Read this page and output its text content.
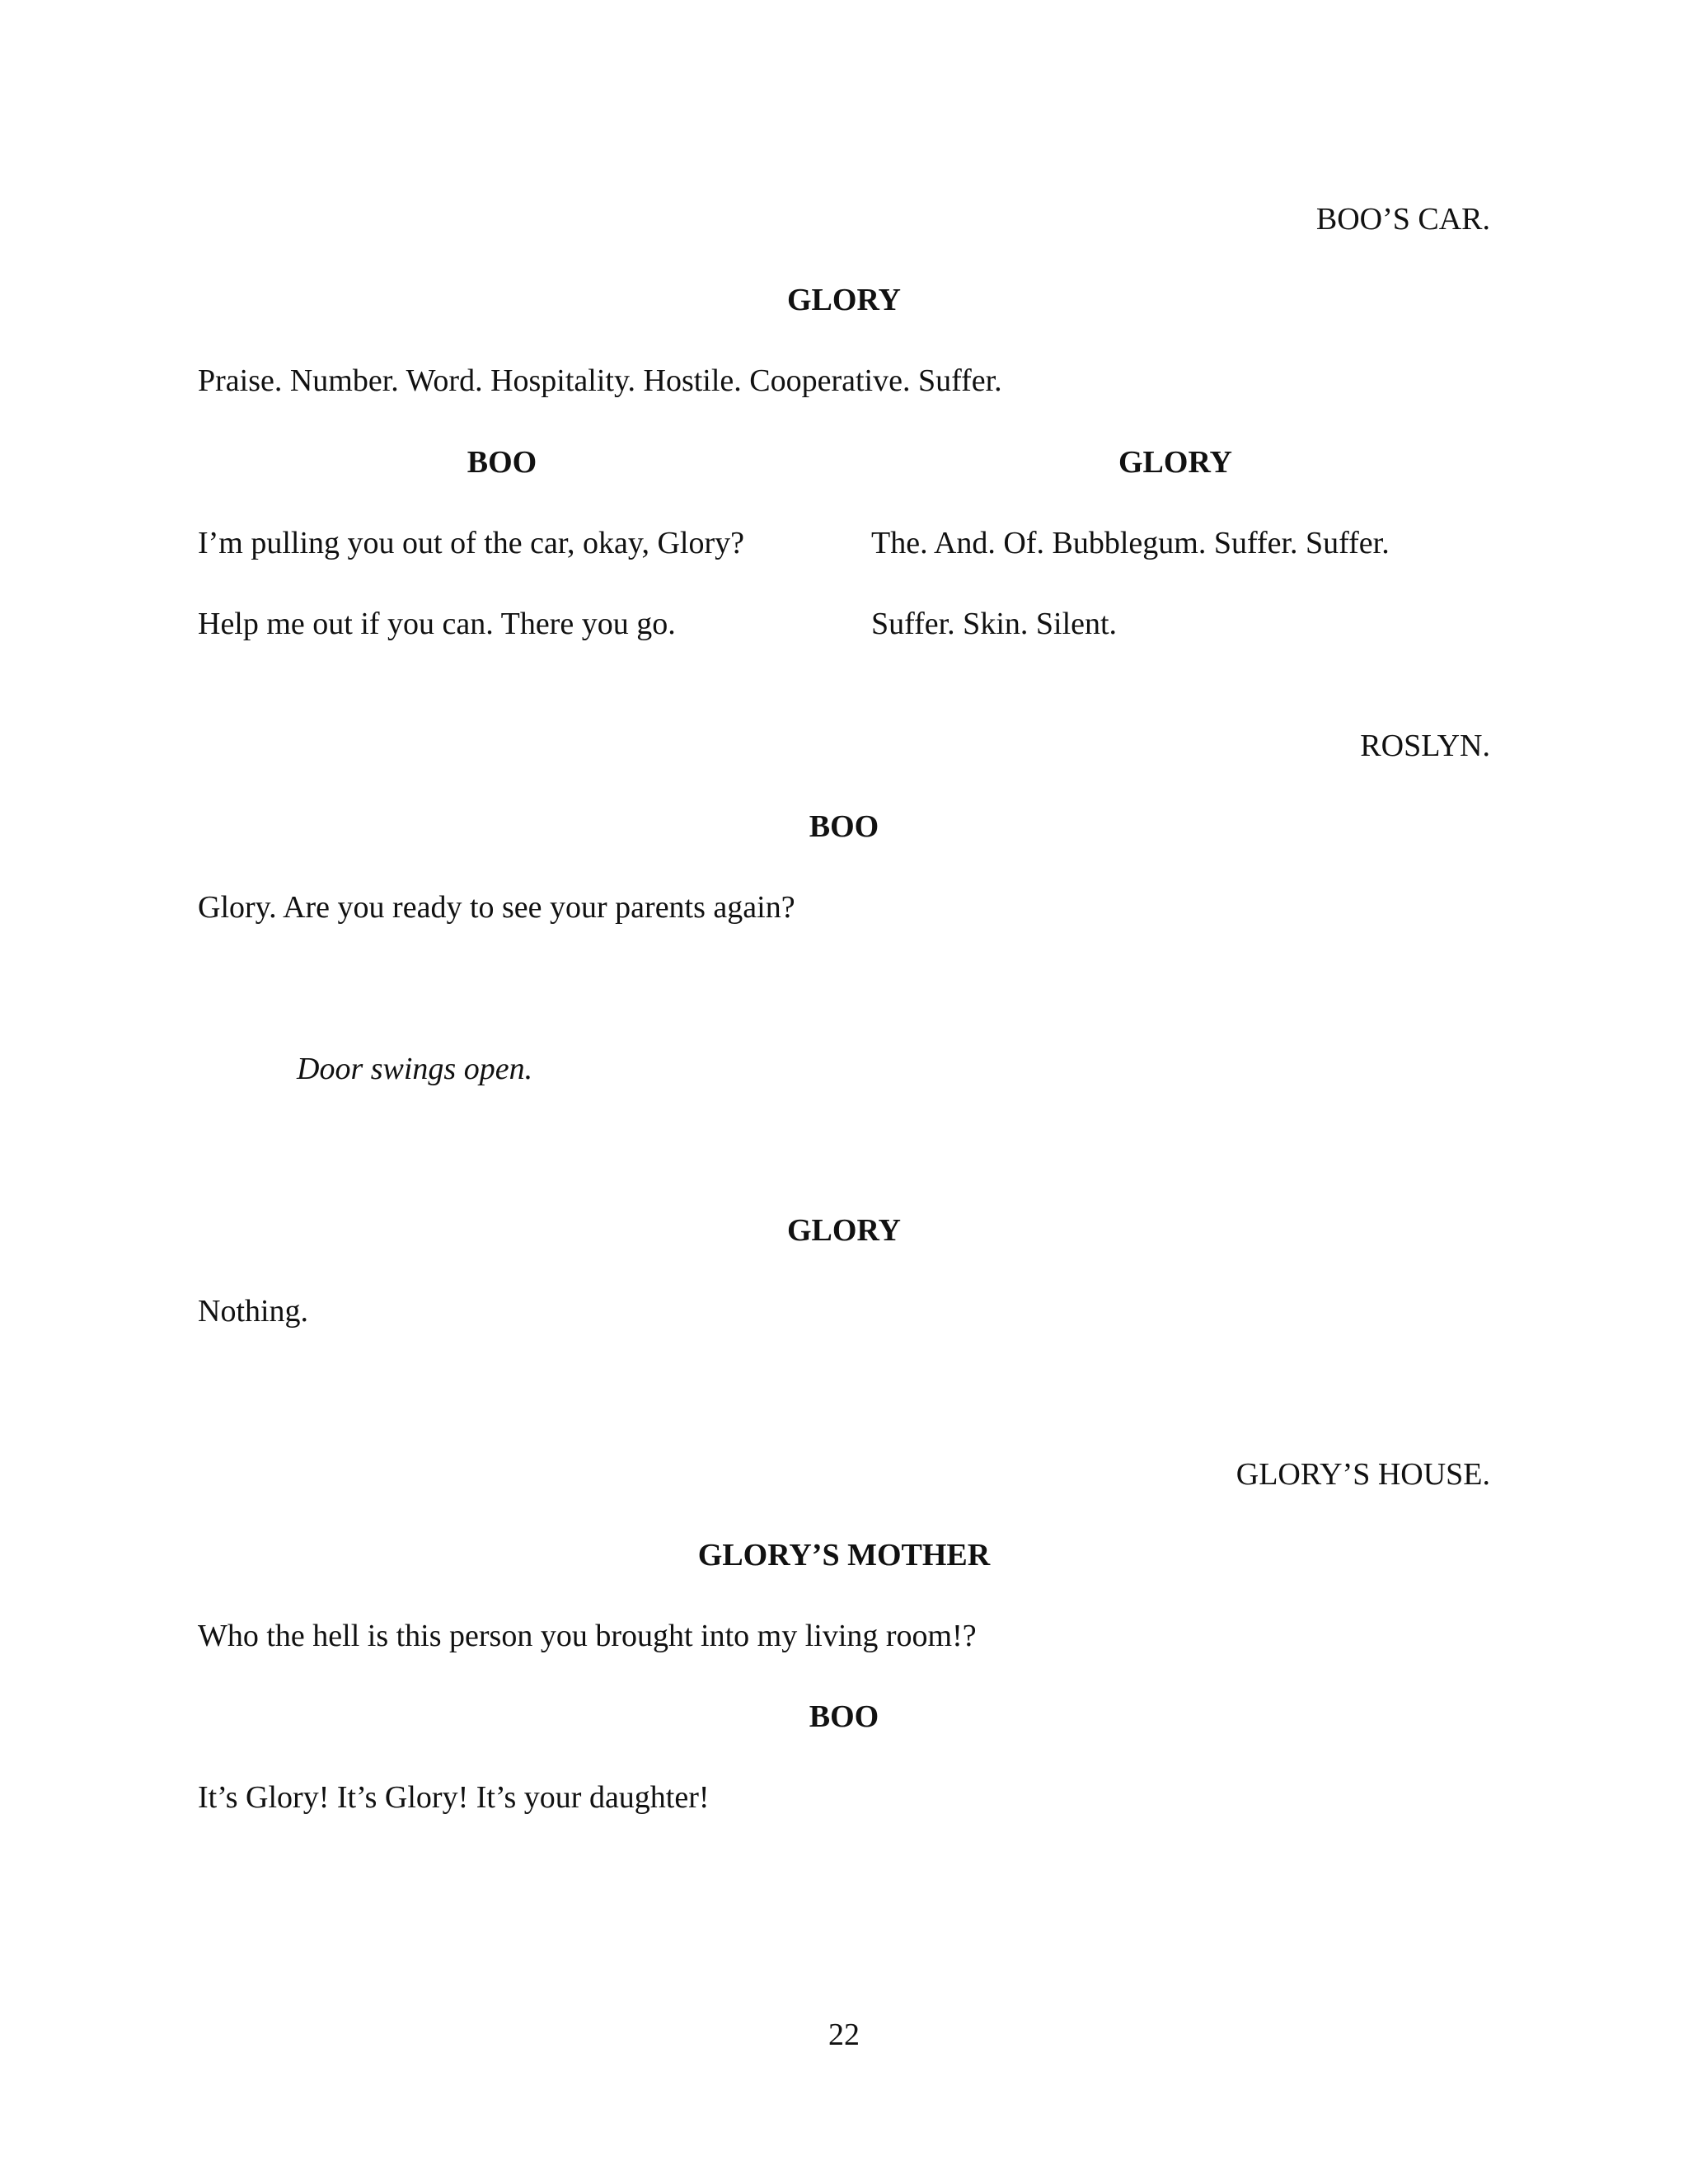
BOO’S CAR.
GLORY
Praise. Number. Word. Hospitality. Hostile. Cooperative. Suffer.
BOO	GLORY
I’m pulling you out of the car, okay, Glory?	The. And. Of. Bubblegum. Suffer. Suffer.
Help me out if you can. There you go.	Suffer. Skin. Silent.
ROSLYN.
BOO
Glory. Are you ready to see your parents again?
Door swings open.
GLORY
Nothing.
GLORY’S HOUSE.
GLORY’S MOTHER
Who the hell is this person you brought into my living room!?
BOO
It’s Glory! It’s Glory! It’s your daughter!
22
